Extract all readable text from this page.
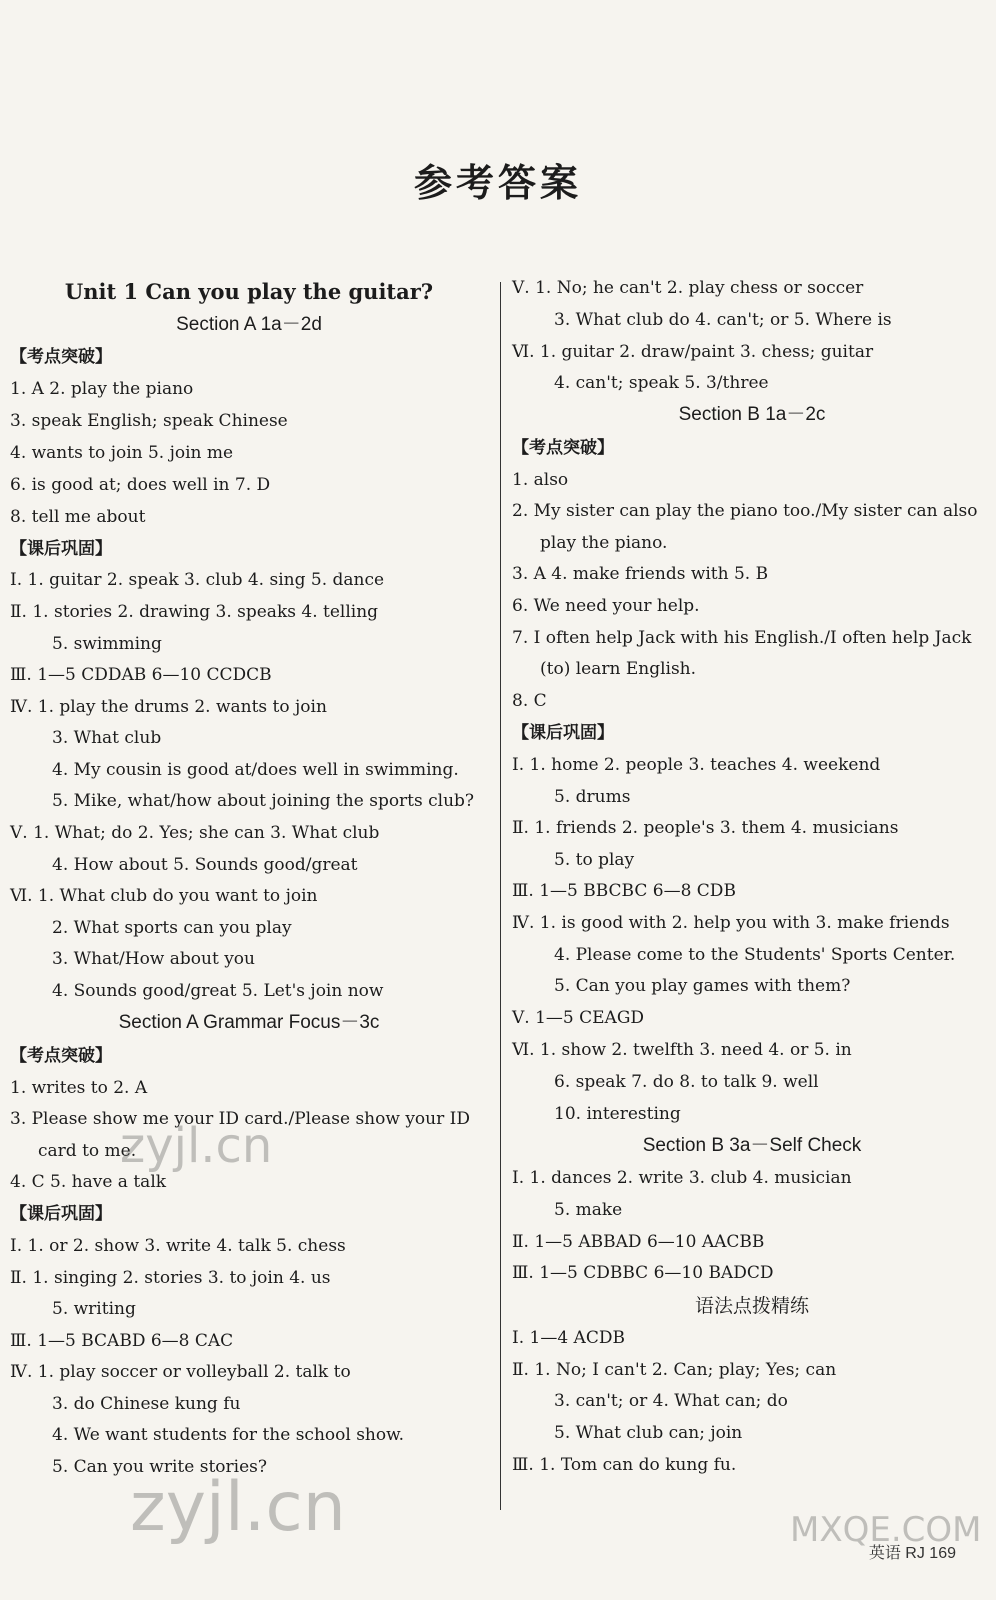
参考答案
Unit 1 Can you play the guitar?
Section A 1a－2d
【考点突破】
1. A 2. play the piano
3. speak English; speak Chinese
4. wants to join 5. join me
6. is good at; does well in 7. D
8. tell me about
【课后巩固】
Ⅰ. 1. guitar 2. speak 3. club 4. sing 5. dance
Ⅱ. 1. stories 2. drawing 3. speaks 4. telling
5. swimming
Ⅲ. 1—5 CDDAB 6—10 CCDCB
Ⅳ. 1. play the drums 2. wants to join
3. What club
4. My cousin is good at/does well in swimming.
5. Mike, what/how about joining the sports club?
Ⅴ. 1. What; do 2. Yes; she can 3. What club
4. How about 5. Sounds good/great
Ⅵ. 1. What club do you want to join
2. What sports can you play
3. What/How about you
4. Sounds good/great 5. Let's join now
Section A Grammar Focus－3c
【考点突破】
1. writes to 2. A
3. Please show me your ID card./Please show your ID
card to me.
4. C 5. have a talk
【课后巩固】
Ⅰ. 1. or 2. show 3. write 4. talk 5. chess
Ⅱ. 1. singing 2. stories 3. to join 4. us
5. writing
Ⅲ. 1—5 BCABD 6—8 CAC
Ⅳ. 1. play soccer or volleyball 2. talk to
3. do Chinese kung fu
4. We want students for the school show.
5. Can you write stories?
Ⅴ. 1. No; he can't 2. play chess or soccer
3. What club do 4. can't; or 5. Where is
Ⅵ. 1. guitar 2. draw/paint 3. chess; guitar
4. can't; speak 5. 3/three
Section B 1a－2c
【考点突破】
1. also
2. My sister can play the piano too./My sister can also
play the piano.
3. A 4. make friends with 5. B
6. We need your help.
7. I often help Jack with his English./I often help Jack
(to) learn English.
8. C
【课后巩固】
Ⅰ. 1. home 2. people 3. teaches 4. weekend
5. drums
Ⅱ. 1. friends 2. people's 3. them 4. musicians
5. to play
Ⅲ. 1—5 BBCBC 6—8 CDB
Ⅳ. 1. is good with 2. help you with 3. make friends
4. Please come to the Students' Sports Center.
5. Can you play games with them?
Ⅴ. 1—5 CEAGD
Ⅵ. 1. show 2. twelfth 3. need 4. or 5. in
6. speak 7. do 8. to talk 9. well
10. interesting
Section B 3a－Self Check
Ⅰ. 1. dances 2. write 3. club 4. musician
5. make
Ⅱ. 1—5 ABBAD 6—10 AACBB
Ⅲ. 1—5 CDBBC 6—10 BADCD
语法点拨精练
Ⅰ. 1—4 ACDB
Ⅱ. 1. No; I can't 2. Can; play; Yes; can
3. can't; or 4. What can; do
5. What club can; join
Ⅲ. 1. Tom can do kung fu.
英语 RJ 169
zyjl.cn
zyjl.cn	MXQE.COM
